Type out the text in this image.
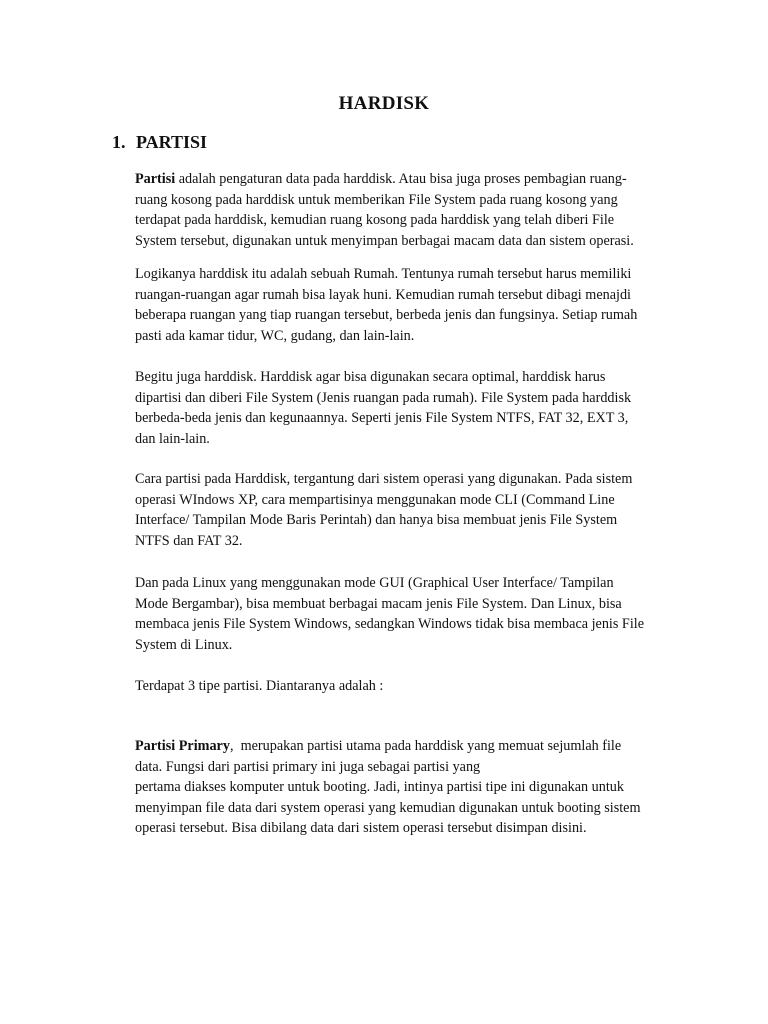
HARDISK
1. PARTISI

Partisi adalah pengaturan data pada harddisk. Atau bisa juga proses pembagian ruang-
ruang kosong pada harddisk untuk memberikan File System pada ruang kosong yang
terdapat pada harddisk, kemudian ruang kosong pada harddisk yang telah diberi File
System tersebut, digunakan untuk menyimpan berbagai macam data dan sistem operasi.

Logikanya harddisk itu adalah sebuah Rumah. Tentunya rumah tersebut harus memiliki
ruangan-ruangan agar rumah bisa layak huni. Kemudian rumah tersebut dibagi menajdi
beberapa ruangan yang tiap ruangan tersebut, berbeda jenis dan fungsinya. Setiap rumah
pasti ada kamar tidur, WC, gudang, dan lain-lain.

Begitu juga harddisk. Harddisk agar bisa digunakan secara optimal, harddisk harus
dipartisi dan diberi File System (Jenis ruangan pada rumah). File System pada harddisk
berbeda-beda jenis dan kegunaannya. Seperti jenis File System NTFS, FAT 32, EXT 3,
dan lain-lain.

Cara partisi pada Harddisk, tergantung dari sistem operasi yang digunakan. Pada sistem
operasi WIndows XP, cara mempartisinya menggunakan mode CLI (Command Line
Interface/ Tampilan Mode Baris Perintah) dan hanya bisa membuat jenis File System
NTFS dan FAT 32.

Dan pada Linux yang menggunakan mode GUI (Graphical User Interface/ Tampilan
Mode Bergambar), bisa membuat berbagai macam jenis File System. Dan Linux, bisa
membaca jenis File System Windows, sedangkan Windows tidak bisa membaca jenis File
System di Linux.

Terdapat 3 tipe partisi. Diantaranya adalah :

Partisi Primary,  merupakan partisi utama pada harddisk yang memuat sejumlah file
data. Fungsi dari partisi primary ini juga sebagai partisi yang
pertama diakses komputer untuk booting. Jadi, intinya partisi tipe ini digunakan untuk
menyimpan file data dari system operasi yang kemudian digunakan untuk booting sistem
operasi tersebut. Bisa dibilang data dari sistem operasi tersebut disimpan disini.
